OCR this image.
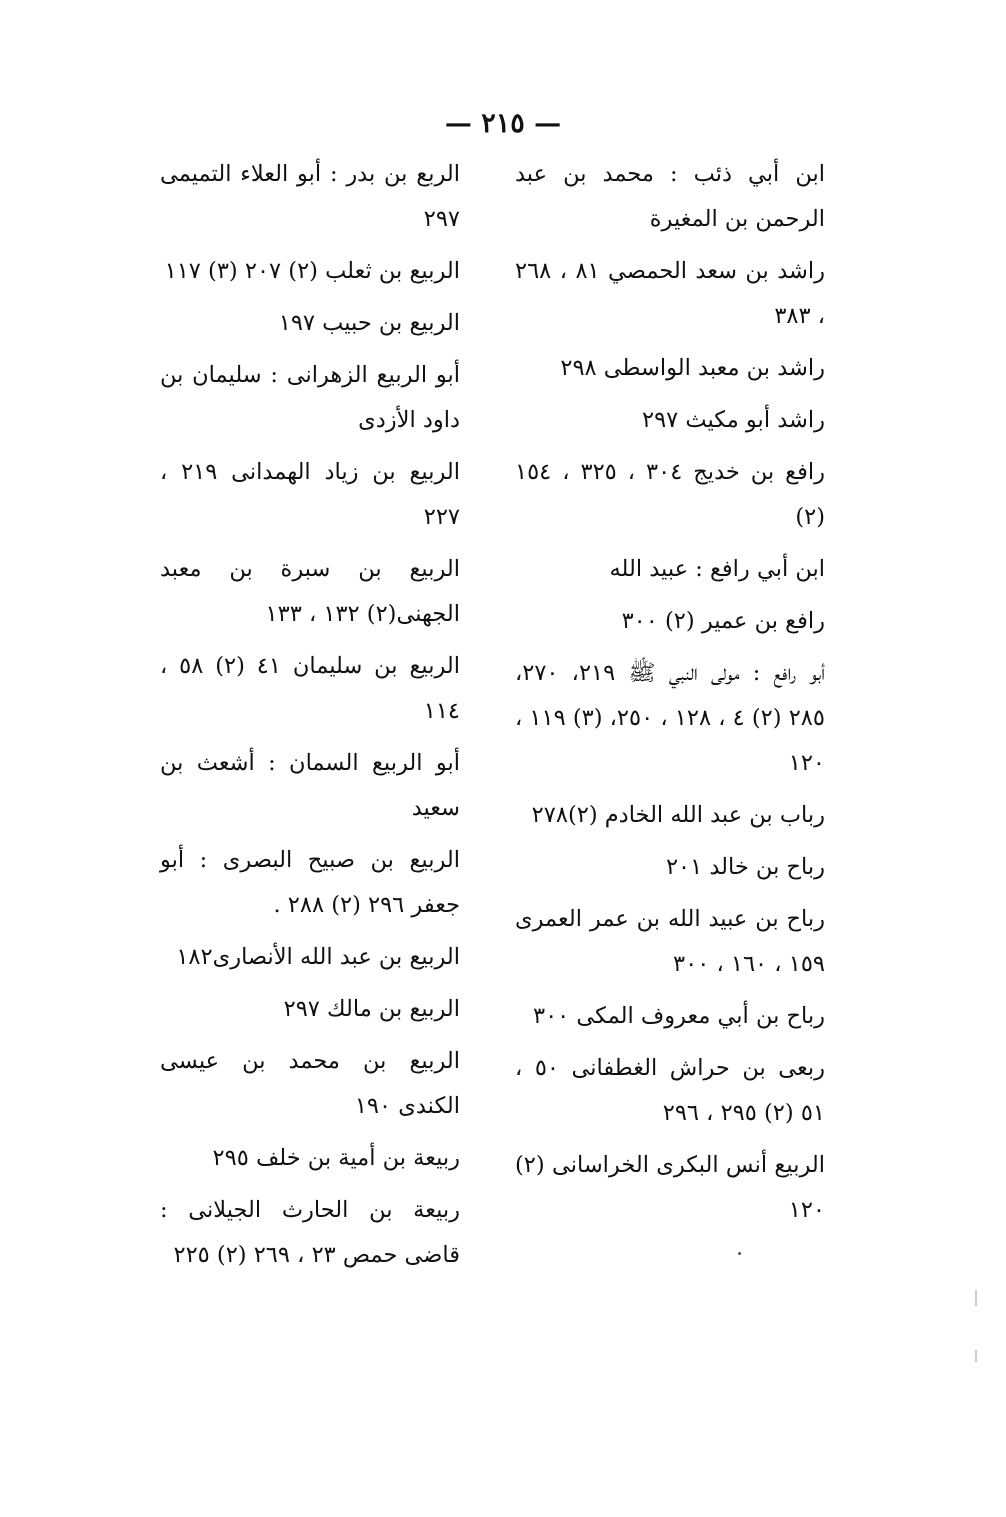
— ٢١٥ —

ابن أبي ذئب : محمد بن عبد الرحمن بن المغيرة

راشد بن سعد الحمصي ٨١ ، ٢٦٨ ، ٣٨٣

راشد بن معبد الواسطى ٢٩٨

راشد أبو مكيث ٢٩٧

رافع بن خديج ٣٠٤ ، ٣٢٥ ، ١٥٤ (٢)

ابن أبي رافع : عبيد الله

رافع بن عمير (٢) ٣٠٠

أبو رافع : مولى النبي ﷺ ٢١٩، ٢٧٠، ٢٨٥ (٢) ٤ ، ١٢٨ ، ٢٥٠، (٣) ١١٩ ، ١٢٠

رباب بن عبد الله الخادم (٢)٢٧٨

رباح بن خالد ٢٠١

رباح بن عبيد الله بن عمر العمرى ١٥٩ ، ١٦٠ ، ٣٠٠

رباح بن أبي معروف المكى ٣٠٠

ربعى بن حراش الغطفانى ٥٠ ، ٥١ (٢) ٢٩٥ ، ٢٩٦

الربيع أنس البكرى الخراسانى (٢) ١٢٠

الربع بن بدر : أبو العلاء التميمى ٢٩٧

الربيع بن ثعلب (٢) ٢٠٧ (٣) ١١٧

الربيع بن حبيب ١٩٧

أبو الربيع الزهرانى : سليمان بن داود الأزدى

الربيع بن زياد الهمدانى ٢١٩ ، ٢٢٧

الربيع بن سبرة بن معبد الجهنى(٢) ١٣٢ ، ١٣٣

الربيع بن سليمان ٤١ (٢) ٥٨ ، ١١٤

أبو الربيع السمان : أشعث بن سعيد

الربيع بن صبيح البصرى : أبو جعفر ٢٩٦ (٢) ٢٨٨ .

الربيع بن عبد الله الأنصارى١٨٢

الربيع بن مالك ٢٩٧

الربيع بن محمد بن عيسى الكندى ١٩٠

ربيعة بن أمية بن خلف ٢٩٥

ربيعة بن الحارث الجيلانى : قاضى حمص ٢٣ ، ٢٦٩ (٢) ٢٢٥
